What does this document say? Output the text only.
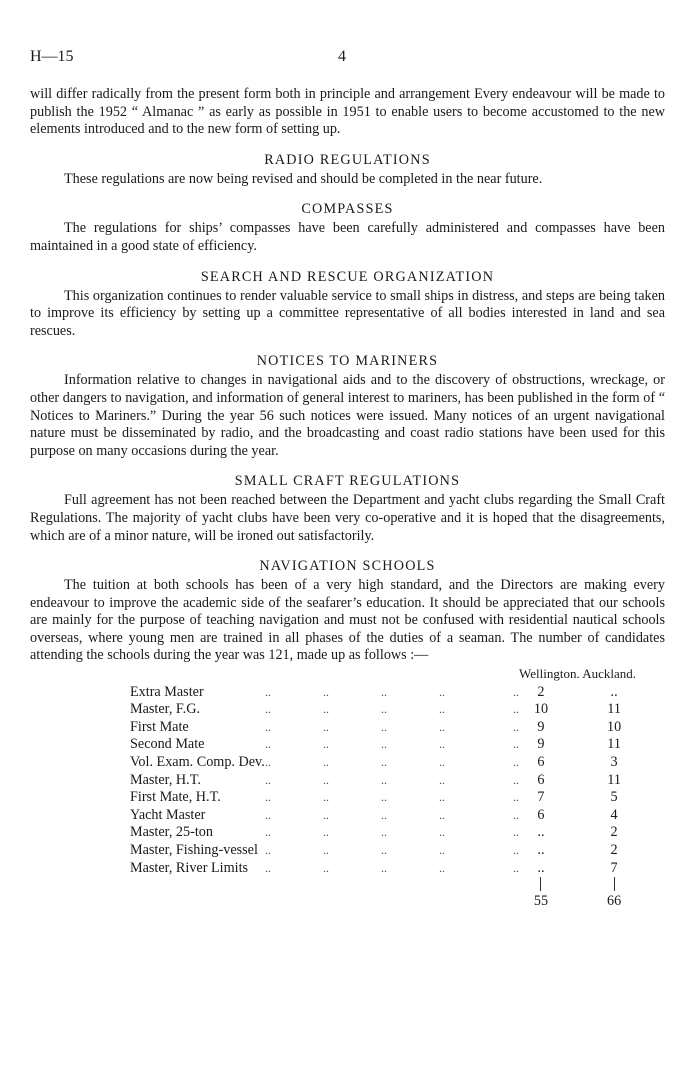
H—15	4

will differ radically from the present form both in principle and arrangement Every endeavour will be made to publish the 1952 “ Almanac ” as early as possible in 1951 to enable users to become accustomed to the new elements introduced and to the new form of setting up.

RADIO REGULATIONS

These regulations are now being revised and should be completed in the near future.

COMPASSES

The regulations for ships’ compasses have been carefully administered and compasses have been maintained in a good state of efficiency.

SEARCH AND RESCUE ORGANIZATION

This organization continues to render valuable service to small ships in distress, and steps are being taken to improve its efficiency by setting up a committee representative of all bodies interested in land and sea rescues.

NOTICES TO MARINERS

Information relative to changes in navigational aids and to the discovery of obstructions, wreckage, or other dangers to navigation, and information of general interest to mariners, has been published in the form of “ Notices to Mariners.” During the year 56 such notices were issued. Many notices of an urgent navigational nature must be disseminated by radio, and the broadcasting and coast radio stations have been used for this purpose on many occasions during the year.

SMALL CRAFT REGULATIONS

Full agreement has not been reached between the Department and yacht clubs regarding the Small Craft Regulations. The majority of yacht clubs have been very co-operative and it is hoped that the disagreements, which are of a minor nature, will be ironed out satisfactorily.

NAVIGATION SCHOOLS

The tuition at both schools has been of a very high standard, and the Directors are making every endeavour to improve the academic side of the seafarer’s education. It should be appreciated that our schools are mainly for the purpose of teaching navigation and must not be confused with residential nautical schools overseas, where young men are trained in all phases of the duties of a seaman. The number of candidates attending the schools during the year was 121, made up as follows :—

						Wellington. Auckland.		
Extra Master	..	..	..	..	..	2		..
Master, F.G.	..	..	..	..	..	10		11
First Mate	..	..	..	..	..	9		10
Second Mate	..	..	..	..	..	9		11
Vol. Exam. Comp. Dev.	..	..	..	..	..	6		3
Master, H.T.	..	..	..	..	..	6		11
First Mate, H.T.	..	..	..	..	..	7		5
Yacht Master	..	..	..	..	..	6		4
Master, 25-ton	..	..	..	..	..	..		2
Master, Fishing-vessel	..	..	..	..	..	..		2
Master, River Limits	..	..	..	..	..	..		7

						55		66
